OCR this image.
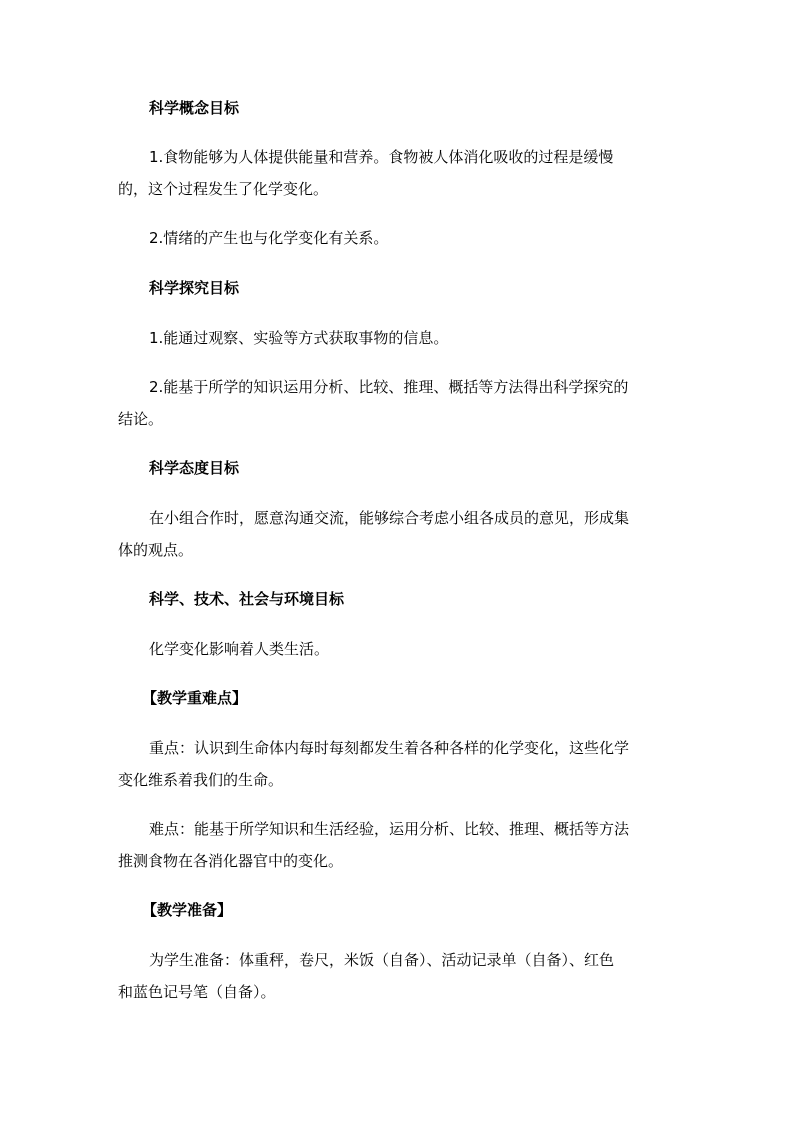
科学概念目标
1.食物能够为人体提供能量和营养。食物被人体消化吸收的过程是缓慢
的，这个过程发生了化学变化。
2.情绪的产生也与化学变化有关系。
科学探究目标
1.能通过观察、实验等方式获取事物的信息。
2.能基于所学的知识运用分析、比较、推理、概括等方法得出科学探究的
结论。
科学态度目标
在小组合作时，愿意沟通交流，能够综合考虑小组各成员的意见，形成集
体的观点。
科学、技术、社会与环境目标
化学变化影响着人类生活。
【教学重难点】
重点：认识到生命体内每时每刻都发生着各种各样的化学变化，这些化学
变化维系着我们的生命。
难点：能基于所学知识和生活经验，运用分析、比较、推理、概括等方法
推测食物在各消化器官中的变化。
【教学准备】
为学生准备：体重秤，卷尺，米饭（自备）、活动记录单（自备）、红色
和蓝色记号笔（自备）。
